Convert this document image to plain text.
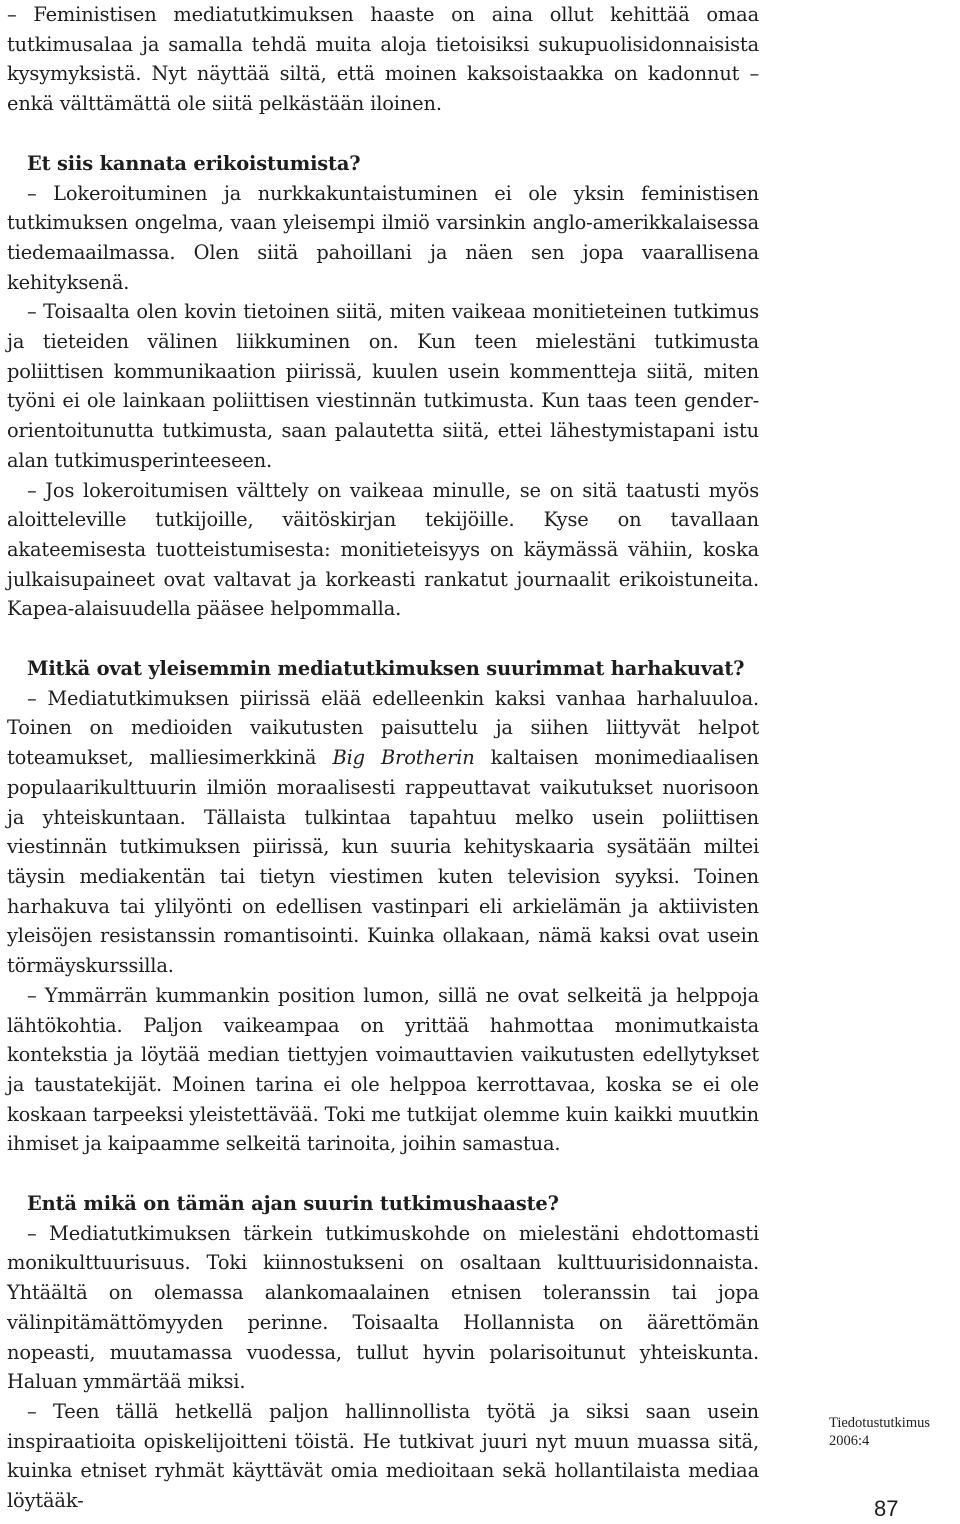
– Feministisen mediatutkimuksen haaste on aina ollut kehittää omaa tutkimusalaa ja samalla tehdä muita aloja tietoisiksi sukupuolisidonnaisista kysymyksistä. Nyt näyttää siltä, että moinen kaksoistaakka on kadonnut – enkä välttämättä ole siitä pelkästään iloinen.

Et siis kannata erikoistumista?

– Lokeroituminen ja nurkkakuntaistuminen ei ole yksin feministisen tutkimuksen ongelma, vaan yleisempi ilmiö varsinkin anglo-amerikkalaisessa tiedemaailmassa. Olen siitä pahoillani ja näen sen jopa vaarallisena kehityksenä.

– Toisaalta olen kovin tietoinen siitä, miten vaikeaa monitieteinen tutkimus ja tieteiden välinen liikkuminen on. Kun teen mielestäni tutkimusta poliittisen kommunikaation piirissä, kuulen usein kommentteja siitä, miten työni ei ole lainkaan poliittisen viestinnän tutkimusta. Kun taas teen gender-orientoitunutta tutkimusta, saan palautetta siitä, ettei lähestymistapani istu alan tutkimusperinteeseen.

– Jos lokeroitumisen välttely on vaikeaa minulle, se on sitä taatusti myös aloitteleville tutkijoille, väitöskirjan tekijöille. Kyse on tavallaan akateemisesta tuotteistumisesta: monitieteisyys on käymässä vähiin, koska julkaisupaineet ovat valtavat ja korkeasti rankatut journaalit erikoistuneita. Kapea-alaisuudella pääsee helpommalla.

Mitkä ovat yleisemmin mediatutkimuksen suurimmat harhakuvat?

– Mediatutkimuksen piirissä elää edelleenkin kaksi vanhaa harhaluuloa. Toinen on medioiden vaikutusten paisuttelu ja siihen liittyvät helpot toteamukset, malliesimerkkinä Big Brotherin kaltaisen monimediaalisen populaarikulttuurin ilmiön moraalisesti rappeuttavat vaikutukset nuorisoon ja yhteiskuntaan. Tällaista tulkintaa tapahtuu melko usein poliittisen viestinnän tutkimuksen piirissä, kun suuria kehityskaaria sysätään miltei täysin mediakentän tai tietyn viestimen kuten television syyksi. Toinen harhakuva tai ylilyönti on edellisen vastinpari eli arkielämän ja aktiivisten yleisöjen resistanssin romantisointi. Kuinka ollakaan, nämä kaksi ovat usein törmäyskurssilla.

– Ymmärrän kummankin position lumon, sillä ne ovat selkeitä ja helppoja lähtökohtia. Paljon vaikeampaa on yrittää hahmottaa monimutkaista kontekstia ja löytää median tiettyjen voimauttavien vaikutusten edellytykset ja taustatekijät. Moinen tarina ei ole helppoa kerrottavaa, koska se ei ole koskaan tarpeeksi yleistettävää. Toki me tutkijat olemme kuin kaikki muutkin ihmiset ja kaipaamme selkeitä tarinoita, joihin samastua.

Entä mikä on tämän ajan suurin tutkimushaaste?

– Mediatutkimuksen tärkein tutkimuskohde on mielestäni ehdottomasti monikulttuurisuus. Toki kiinnostukseni on osaltaan kulttuurisidonnaista. Yhtäältä on olemassa alankomaalainen etnisen toleranssin tai jopa välinpitämättömyyden perinne. Toisaalta Hollannista on äärettömän nopeasti, muutamassa vuodessa, tullut hyvin polarisoitunut yhteiskunta. Haluan ymmärtää miksi.

– Teen tällä hetkellä paljon hallinnollista työtä ja siksi saan usein inspiraatioita opiskelijoitteni töistä. He tutkivat juuri nyt muun muassa sitä, kuinka etniset ryhmät käyttävät omia medioitaan sekä hollantilaista mediaa löytääk-

Tiedotustutkimus
2006:4
87
